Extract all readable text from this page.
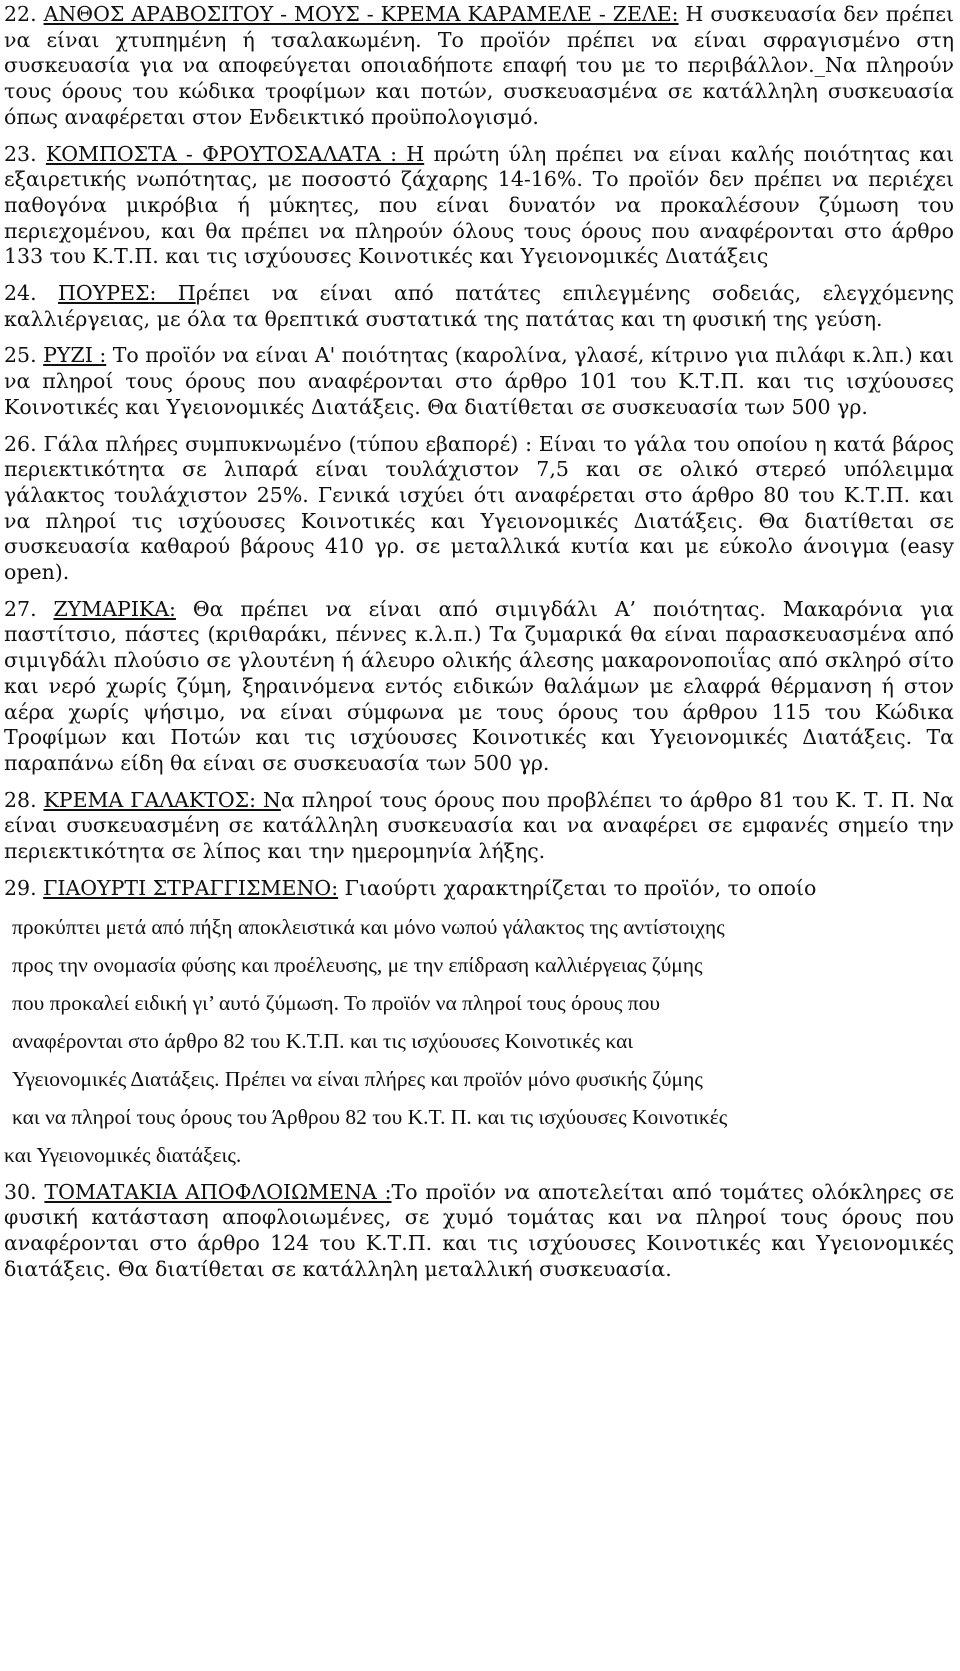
22. ΑΝΘΟΣ ΑΡΑΒΟΣΙΤΟΥ - ΜΟΥΣ - ΚΡΕΜΑ ΚΑΡΑΜΕΛΕ - ΖΕΛΕ: Η συσκευασία δεν πρέπει να είναι χτυπημένη ή τσαλακωμένη. Το προϊόν πρέπει να είναι σφραγισμένο στη συσκευασία για να αποφεύγεται οποιαδήποτε επαφή του με το περιβάλλον._Να πληρούν τους όρους του κώδικα τροφίμων και ποτών, συσκευασμένα σε κατάλληλη συσκευασία όπως αναφέρεται στον Ενδεικτικό προϋπολογισμό.

23. ΚΟΜΠΟΣΤΑ - ΦΡΟΥΤΟΣΑΛΑΤΑ : Η πρώτη ύλη πρέπει να είναι καλής ποιότητας και εξαιρετικής νωπότητας, με ποσοστό ζάχαρης 14-16%. Το προϊόν δεν πρέπει να περιέχει παθογόνα μικρόβια ή μύκητες, που είναι δυνατόν να προκαλέσουν ζύμωση του περιεχομένου, και θα πρέπει να πληρούν όλους τους όρους που αναφέρονται στο άρθρο 133 του Κ.Τ.Π. και τις ισχύουσες Κοινοτικές και Υγειονομικές Διατάξεις

24. ΠΟΥΡΕΣ: Πρέπει να είναι από πατάτες επιλεγμένης σοδειάς, ελεγχόμενης καλλιέργειας, με όλα τα θρεπτικά συστατικά της πατάτας και τη φυσική της γεύση.

25. ΡΥΖΙ : Το προϊόν να είναι Α' ποιότητας (καρολίνα, γλασέ, κίτρινο για πιλάφι κ.λπ.) και να πληροί τους όρους που αναφέρονται στο άρθρο 101 του Κ.Τ.Π. και τις ισχύουσες Κοινοτικές και Υγειονομικές Διατάξεις. Θα διατίθεται σε συσκευασία των 500 γρ.

26. Γάλα πλήρες συμπυκνωμένο (τύπου εβαπορέ) : Είναι το γάλα του οποίου η κατά βάρος περιεκτικότητα σε λιπαρά είναι τουλάχιστον 7,5 και σε ολικό στερεό υπόλειμμα γάλακτος τουλάχιστον 25%. Γενικά ισχύει ότι αναφέρεται στο άρθρο 80 του Κ.Τ.Π. και να πληροί τις ισχύουσες Κοινοτικές και Υγειονομικές Διατάξεις. Θα διατίθεται σε συσκευασία καθαρού βάρους 410 γρ. σε μεταλλικά κυτία και με εύκολο άνοιγμα (easy open).

27. ΖΥΜΑΡΙΚΑ: Θα πρέπει να είναι από σιμιγδάλι Α’ ποιότητας. Μακαρόνια για παστίτσιο, πάστες (κριθαράκι, πέννες κ.λ.π.) Τα ζυμαρικά θα είναι παρασκευασμένα από σιμιγδάλι πλούσιο σε γλουτένη ή άλευρο ολικής άλεσης μακαρονοποιΐας από σκληρό σίτο και νερό χωρίς ζύμη, ξηραινόμενα εντός ειδικών θαλάμων με ελαφρά θέρμανση ή στον αέρα χωρίς ψήσιμο, να είναι σύμφωνα με τους όρους του άρθρου 115 του Κώδικα Τροφίμων και Ποτών και τις ισχύουσες Κοινοτικές και Υγειονομικές Διατάξεις. Τα παραπάνω είδη θα είναι σε συσκευασία των 500 γρ.

28. ΚΡΕΜΑ ΓΑΛΑΚΤΟΣ: Να πληροί τους όρους που προβλέπει το άρθρο 81 του Κ. Τ. Π. Να είναι συσκευασμένη σε κατάλληλη συσκευασία και να αναφέρει σε εμφανές σημείο την περιεκτικότητα σε λίπος και την ημερομηνία λήξης.

29. ΓΙΑΟΥΡΤΙ ΣΤΡΑΓΓΙΣΜΕΝΟ: Γιαούρτι χαρακτηρίζεται το προϊόν, το οποίο

προκύπτει μετά από πήξη αποκλειστικά και μόνο νωπού γάλακτος της αντίστοιχης
προς την ονομασία φύσης και προέλευσης, με την επίδραση καλλιέργειας ζύμης
που προκαλεί ειδική γι’ αυτό ζύμωση. Το προϊόν να πληροί τους όρους που
αναφέρονται στο άρθρο 82 του Κ.Τ.Π. και τις ισχύουσες Κοινοτικές και
Υγειονομικές Διατάξεις. Πρέπει να είναι πλήρες και προϊόν μόνο φυσικής ζύμης
και να πληροί τους όρους του Άρθρου 82 του Κ.Τ. Π. και τις ισχύουσες Κοινοτικές
και Υγειονομικές διατάξεις.

30. ΤΟΜΑΤΑΚΙΑ ΑΠΟΦΛΟΙΩΜΕΝΑ :Το προϊόν να αποτελείται από τομάτες ολόκληρες σε φυσική κατάσταση αποφλοιωμένες, σε χυμό τομάτας και να πληροί τους όρους που αναφέρονται στο άρθρο 124 του Κ.Τ.Π. και τις ισχύουσες Κοινοτικές και Υγειονομικές διατάξεις. Θα διατίθεται σε κατάλληλη μεταλλική συσκευασία.
